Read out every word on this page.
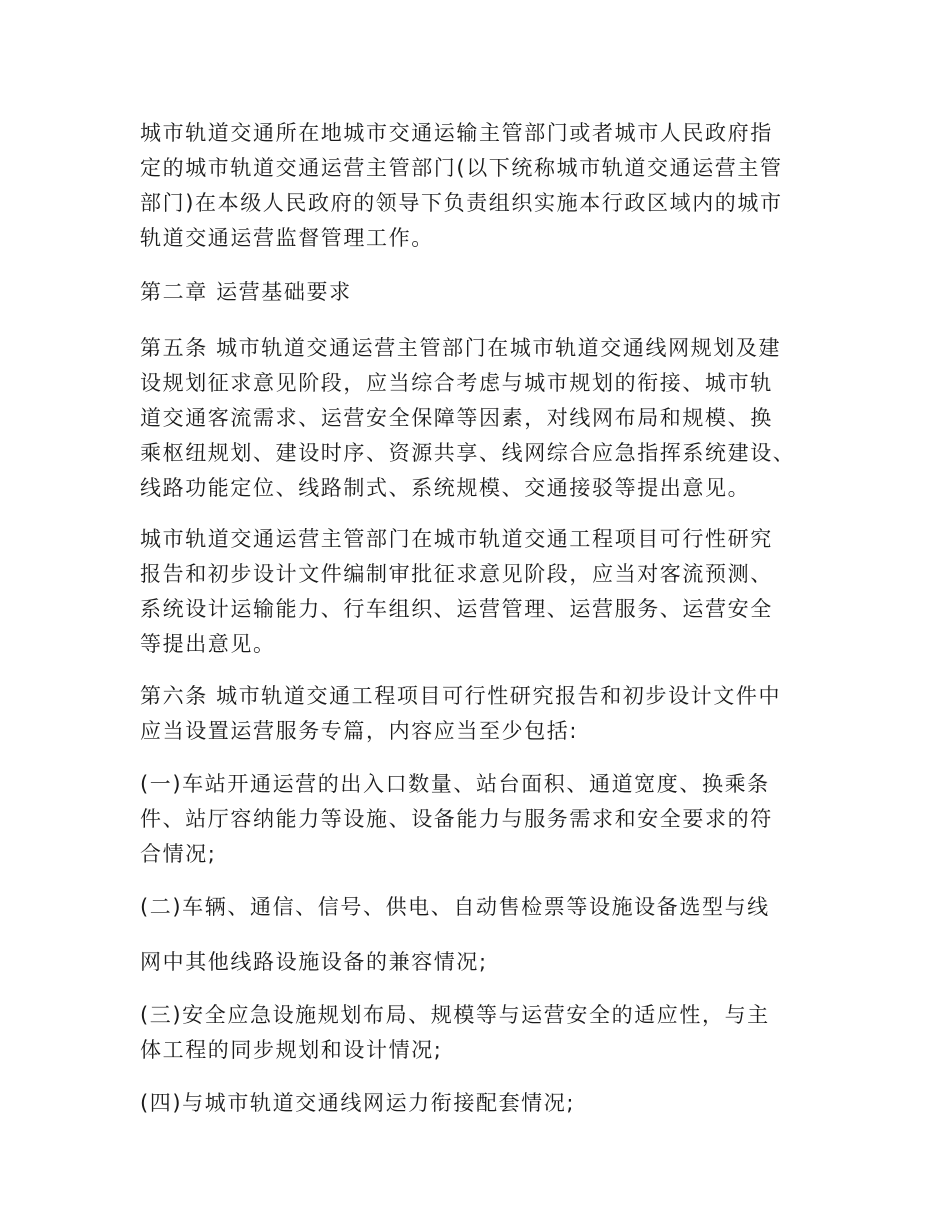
城市轨道交通所在地城市交通运输主管部门或者城市人民政府指
定的城市轨道交通运营主管部门(以下统称城市轨道交通运营主管
部门)在本级人民政府的领导下负责组织实施本行政区域内的城市
轨道交通运营监督管理工作。

第二章 运营基础要求

第五条 城市轨道交通运营主管部门在城市轨道交通线网规划及建
设规划征求意见阶段，应当综合考虑与城市规划的衔接、城市轨
道交通客流需求、运营安全保障等因素，对线网布局和规模、换
乘枢纽规划、建设时序、资源共享、线网综合应急指挥系统建设、
线路功能定位、线路制式、系统规模、交通接驳等提出意见。

城市轨道交通运营主管部门在城市轨道交通工程项目可行性研究
报告和初步设计文件编制审批征求意见阶段，应当对客流预测、
系统设计运输能力、行车组织、运营管理、运营服务、运营安全
等提出意见。

第六条 城市轨道交通工程项目可行性研究报告和初步设计文件中
应当设置运营服务专篇，内容应当至少包括:

(一)车站开通运营的出入口数量、站台面积、通道宽度、换乘条
件、站厅容纳能力等设施、设备能力与服务需求和安全要求的符
合情况;

(二)车辆、通信、信号、供电、自动售检票等设施设备选型与线

网中其他线路设施设备的兼容情况;

(三)安全应急设施规划布局、规模等与运营安全的适应性，与主
体工程的同步规划和设计情况;

(四)与城市轨道交通线网运力衔接配套情况;
